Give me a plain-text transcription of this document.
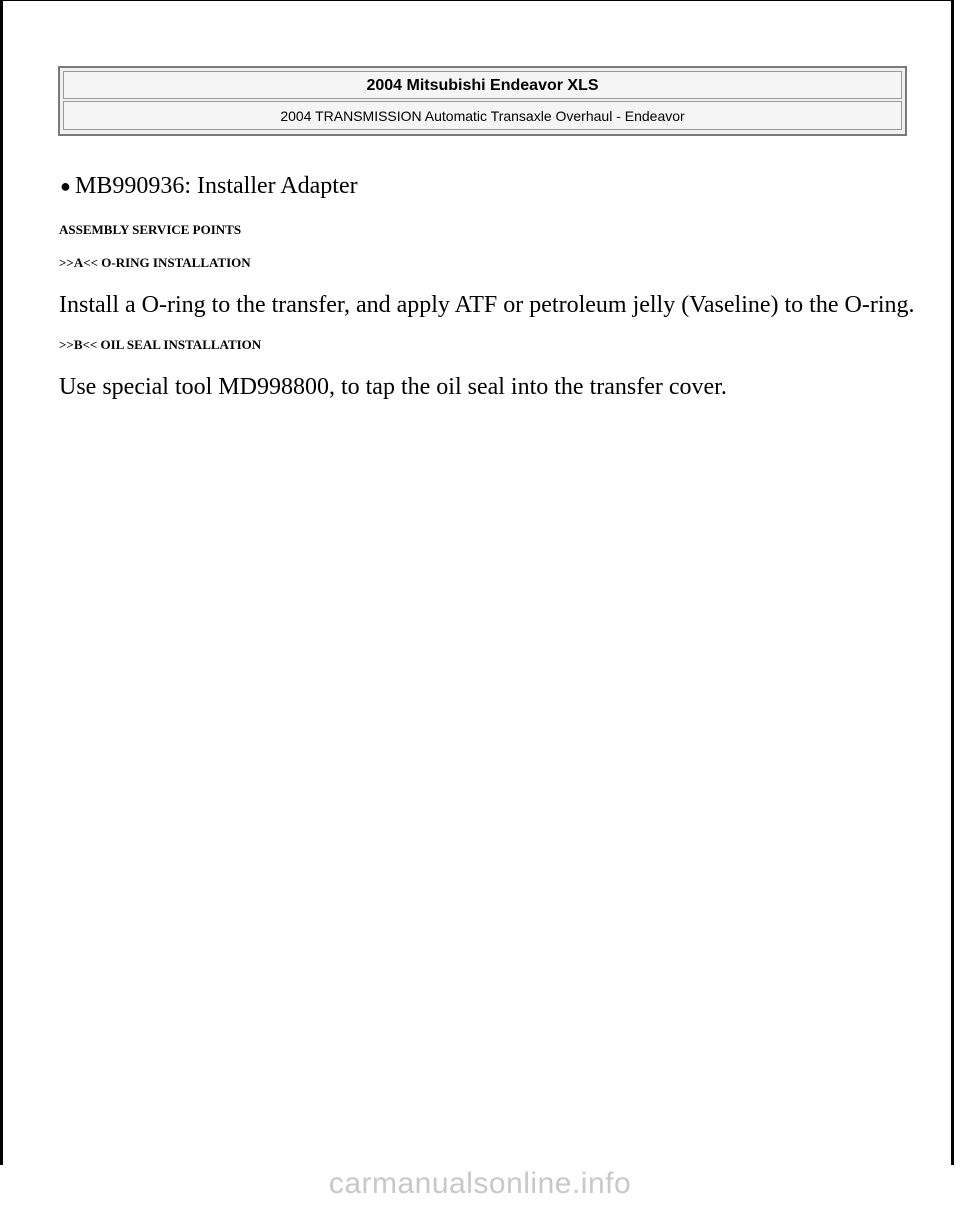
2004 Mitsubishi Endeavor XLS
2004 TRANSMISSION Automatic Transaxle Overhaul - Endeavor

● MB990936: Installer Adapter

ASSEMBLY SERVICE POINTS

>>A<< O-RING INSTALLATION

Install a O-ring to the transfer, and apply ATF or petroleum jelly (Vaseline) to the O-ring.

>>B<< OIL SEAL INSTALLATION

Use special tool MD998800, to tap the oil seal into the transfer cover.

carmanualsonline.info
